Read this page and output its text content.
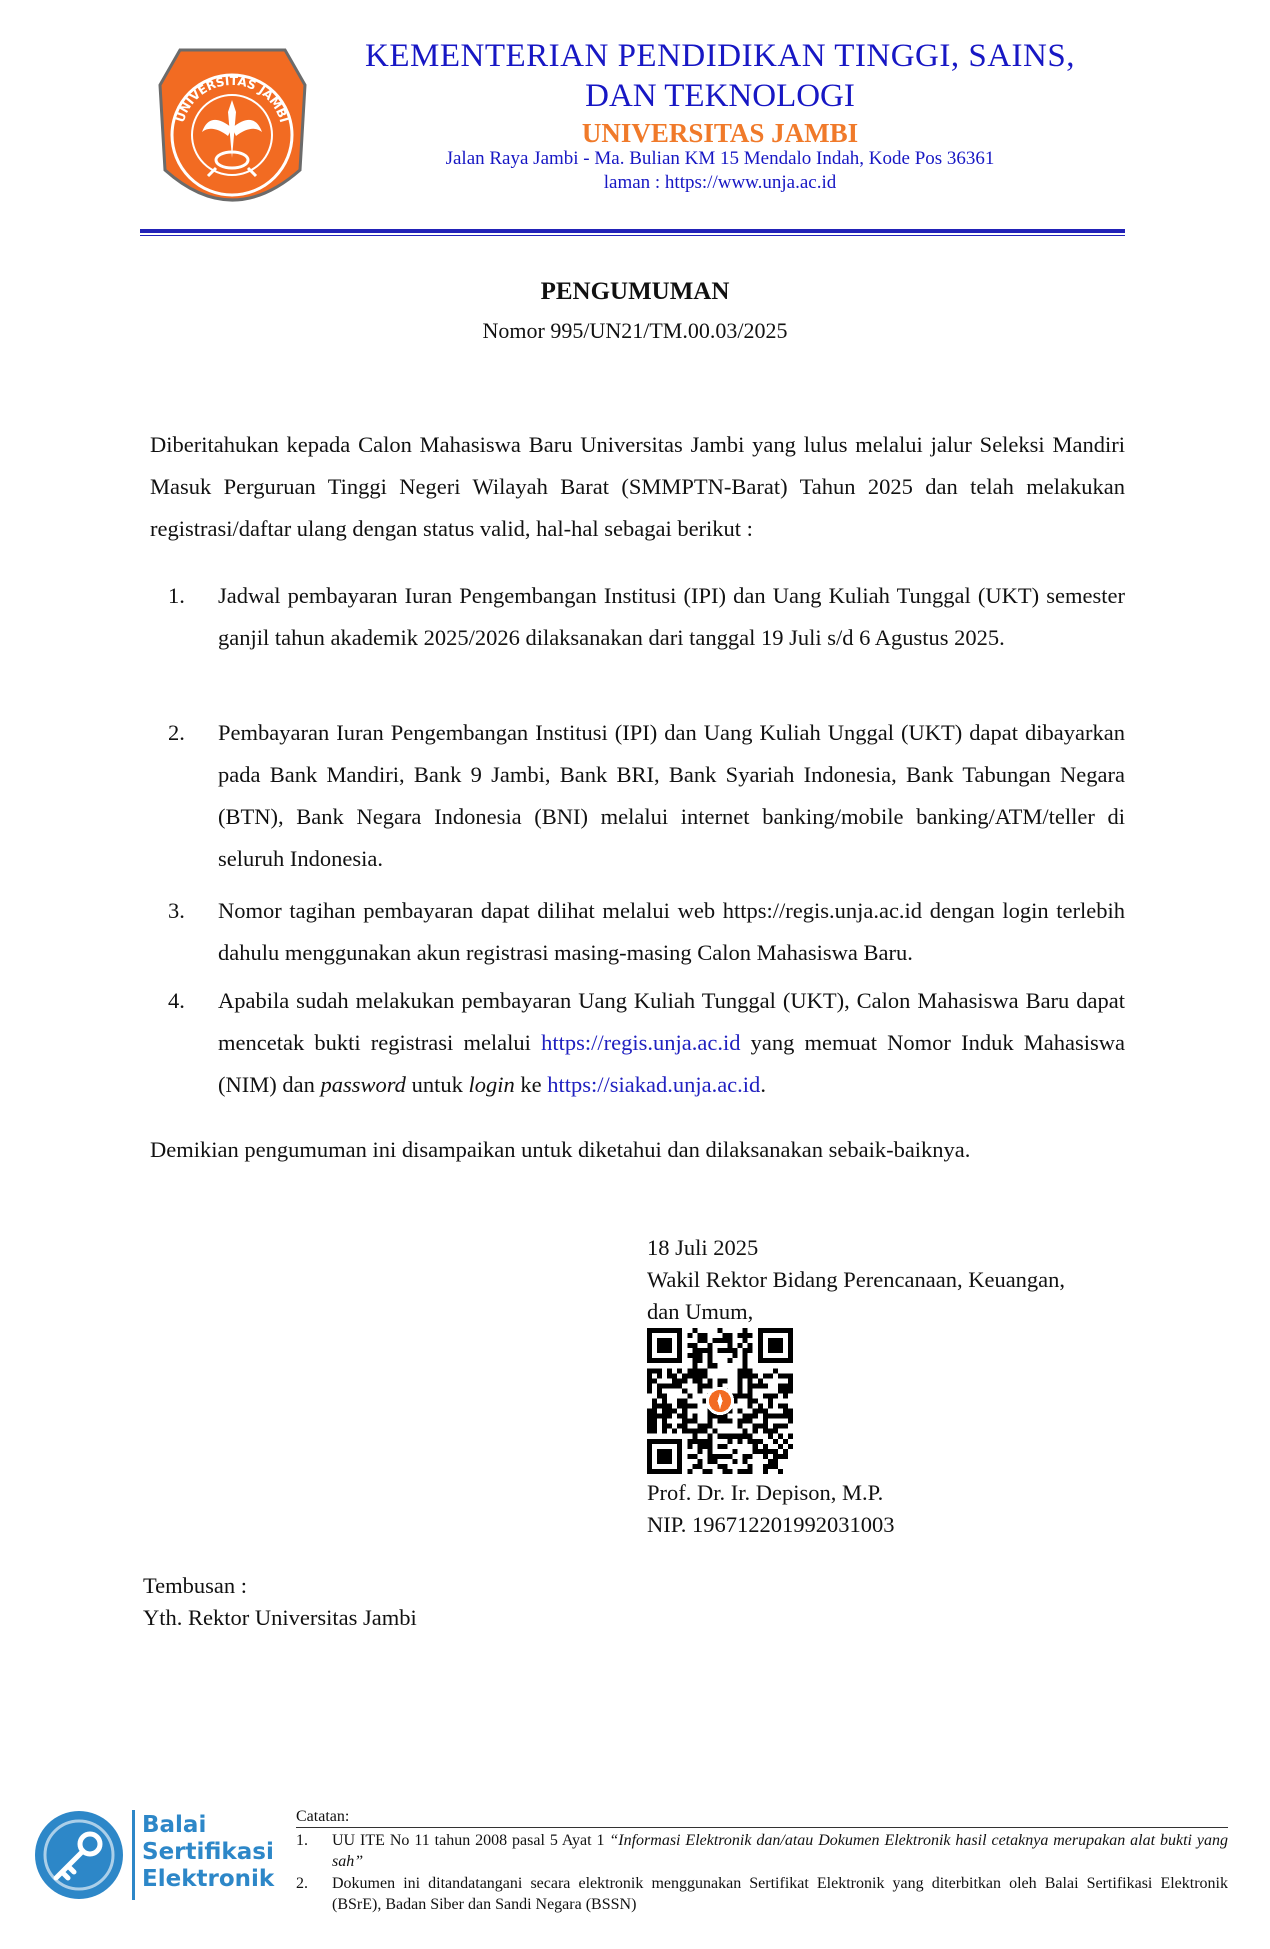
UNIVERSITAS JAMBI
KEMENTERIAN PENDIDIKAN TINGGI, SAINS,
DAN TEKNOLOGI
UNIVERSITAS JAMBI
Jalan Raya Jambi - Ma. Bulian KM 15 Mendalo Indah, Kode Pos 36361
laman : https://www.unja.ac.id
PENGUMUMAN
Nomor 995/UN21/TM.00.03/2025
Diberitahukan kepada Calon Mahasiswa Baru Universitas Jambi yang lulus melalui jalur Seleksi Mandiri Masuk Perguruan Tinggi Negeri Wilayah Barat (SMMPTN-Barat) Tahun 2025 dan telah melakukan registrasi/daftar ulang dengan status valid, hal-hal sebagai berikut :
1. Jadwal pembayaran Iuran Pengembangan Institusi (IPI) dan Uang Kuliah Tunggal (UKT) semester ganjil tahun akademik 2025/2026 dilaksanakan dari tanggal 19 Juli s/d 6 Agustus 2025.
2. Pembayaran Iuran Pengembangan Institusi (IPI) dan Uang Kuliah Unggal (UKT) dapat dibayarkan pada Bank Mandiri, Bank 9 Jambi, Bank BRI, Bank Syariah Indonesia, Bank Tabungan Negara (BTN), Bank Negara Indonesia (BNI) melalui internet banking/mobile banking/ATM/teller di seluruh Indonesia.
3. Nomor tagihan pembayaran dapat dilihat melalui web https://regis.unja.ac.id dengan login terlebih dahulu menggunakan akun registrasi masing-masing Calon Mahasiswa Baru.
4. Apabila sudah melakukan pembayaran Uang Kuliah Tunggal (UKT), Calon Mahasiswa Baru dapat mencetak bukti registrasi melalui https://regis.unja.ac.id yang memuat Nomor Induk Mahasiswa (NIM) dan password untuk login ke https://siakad.unja.ac.id.
Demikian pengumuman ini disampaikan untuk diketahui dan dilaksanakan sebaik-baiknya.
18 Juli 2025
Wakil Rektor Bidang Perencanaan, Keuangan,
dan Umum,
Prof. Dr. Ir. Depison, M.P.
NIP. 196712201992031003
Tembusan :
Yth. Rektor Universitas Jambi
Balai
Sertifikasi
Elektronik
Catatan:
1. UU ITE No 11 tahun 2008 pasal 5 Ayat 1 “Informasi Elektronik dan/atau Dokumen Elektronik hasil cetaknya merupakan alat bukti yang sah”
2. Dokumen ini ditandatangani secara elektronik menggunakan Sertifikat Elektronik yang diterbitkan oleh Balai Sertifikasi Elektronik (BSrE), Badan Siber dan Sandi Negara (BSSN)
